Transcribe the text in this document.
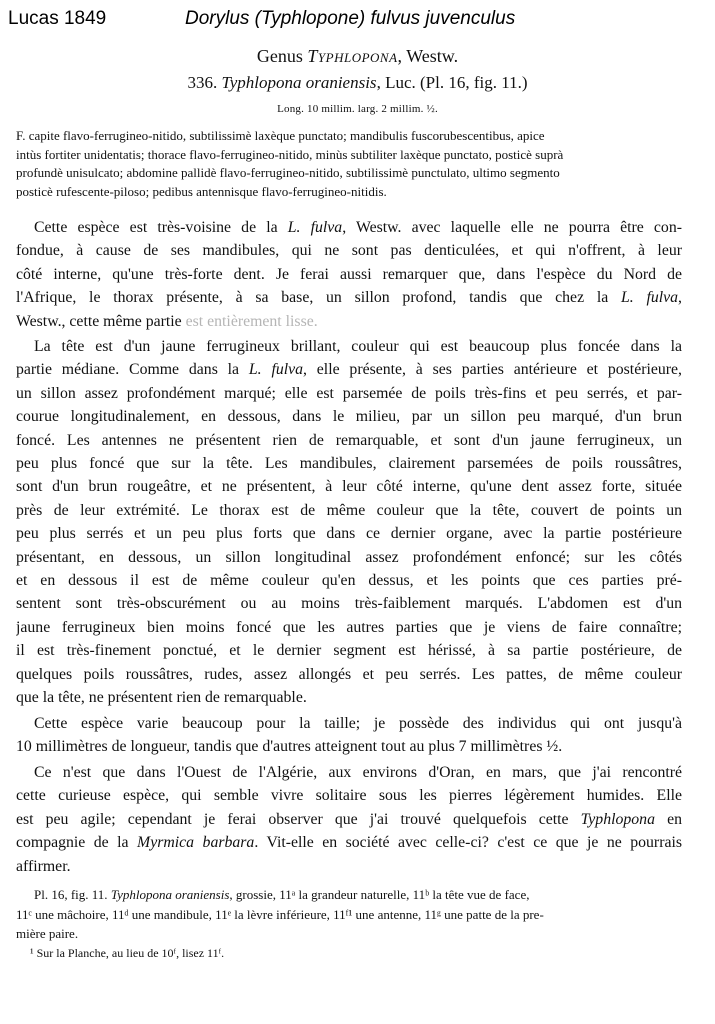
Lucas 1849	Dorylus (Typhlopone) fulvus juvenculus
Genus Typhlopona, Westw.
336. Typhlopona oraniensis, Luc. (Pl. 16, fig. 11.)
Long. 10 millim. larg. 2 millim. ½.
F. capite flavo-ferrugineo-nitido, subtilissimè laxèque punctato; mandibulis fuscorubescentibus, apice
intùs fortiter unidentatis; thorace flavo-ferrugineo-nitido, minùs subtiliter laxèque punctato, posticè suprà
profundè unisulcato; abdomine pallidè flavo-ferrugineo-nitido, subtilissimè punctulato, ultimo segmento
posticè rufescente-piloso; pedibus antennisque flavo-ferrugineo-nitidis.
Cette espèce est très-voisine de la L. fulva, Westw. avec laquelle elle ne pourra être con-
fondue, à cause de ses mandibules, qui ne sont pas denticulées, et qui n'offrent, à leur
côté interne, qu'une très-forte dent. Je ferai aussi remarquer que, dans l'espèce du Nord de
l'Afrique, le thorax présente, à sa base, un sillon profond, tandis que chez la L. fulva,
Westw., cette même partie est entièrement lisse.
La tête est d'un jaune ferrugineux brillant, couleur qui est beaucoup plus foncée dans la
partie médiane. Comme dans la L. fulva, elle présente, à ses parties antérieure et postérieure,
un sillon assez profondément marqué; elle est parsemée de poils très-fins et peu serrés, et par-
courue longitudinalement, en dessous, dans le milieu, par un sillon peu marqué, d'un brun
foncé. Les antennes ne présentent rien de remarquable, et sont d'un jaune ferrugineux, un
peu plus foncé que sur la tête. Les mandibules, clairement parsemées de poils roussâtres,
sont d'un brun rougeâtre, et ne présentent, à leur côté interne, qu'une dent assez forte, située
près de leur extrémité. Le thorax est de même couleur que la tête, couvert de points un
peu plus serrés et un peu plus forts que dans ce dernier organe, avec la partie postérieure
présentant, en dessous, un sillon longitudinal assez profondément enfoncé; sur les côtés
et en dessous il est de même couleur qu'en dessus, et les points que ces parties pré-
sentent sont très-obscurément ou au moins très-faiblement marqués. L'abdomen est d'un
jaune ferrugineux bien moins foncé que les autres parties que je viens de faire connaître;
il est très-finement ponctué, et le dernier segment est hérissé, à sa partie postérieure, de
quelques poils roussâtres, rudes, assez allongés et peu serrés. Les pattes, de même couleur
que la tête, ne présentent rien de remarquable.
Cette espèce varie beaucoup pour la taille; je possède des individus qui ont jusqu'à
10 millimètres de longueur, tandis que d'autres atteignent tout au plus 7 millimètres ½.
Ce n'est que dans l'Ouest de l'Algérie, aux environs d'Oran, en mars, que j'ai rencontré
cette curieuse espèce, qui semble vivre solitaire sous les pierres légèrement humides. Elle
est peu agile; cependant je ferai observer que j'ai trouvé quelquefois cette Typhlopona en
compagnie de la Myrmica barbara. Vit-elle en société avec celle-ci? c'est ce que je ne pourrais
affirmer.
Pl. 16, fig. 11. Typhlopona oraniensis, grossie, 11ᵃ la grandeur naturelle, 11ᵇ la tête vue de face,
11ᶜ une mâchoire, 11ᵈ une mandibule, 11ᵉ la lèvre inférieure, 11ᶠ¹ une antenne, 11ᵍ une patte de la pre-
mière paire.
¹ Sur la Planche, au lieu de 10ᶠ, lisez 11ᶠ.
